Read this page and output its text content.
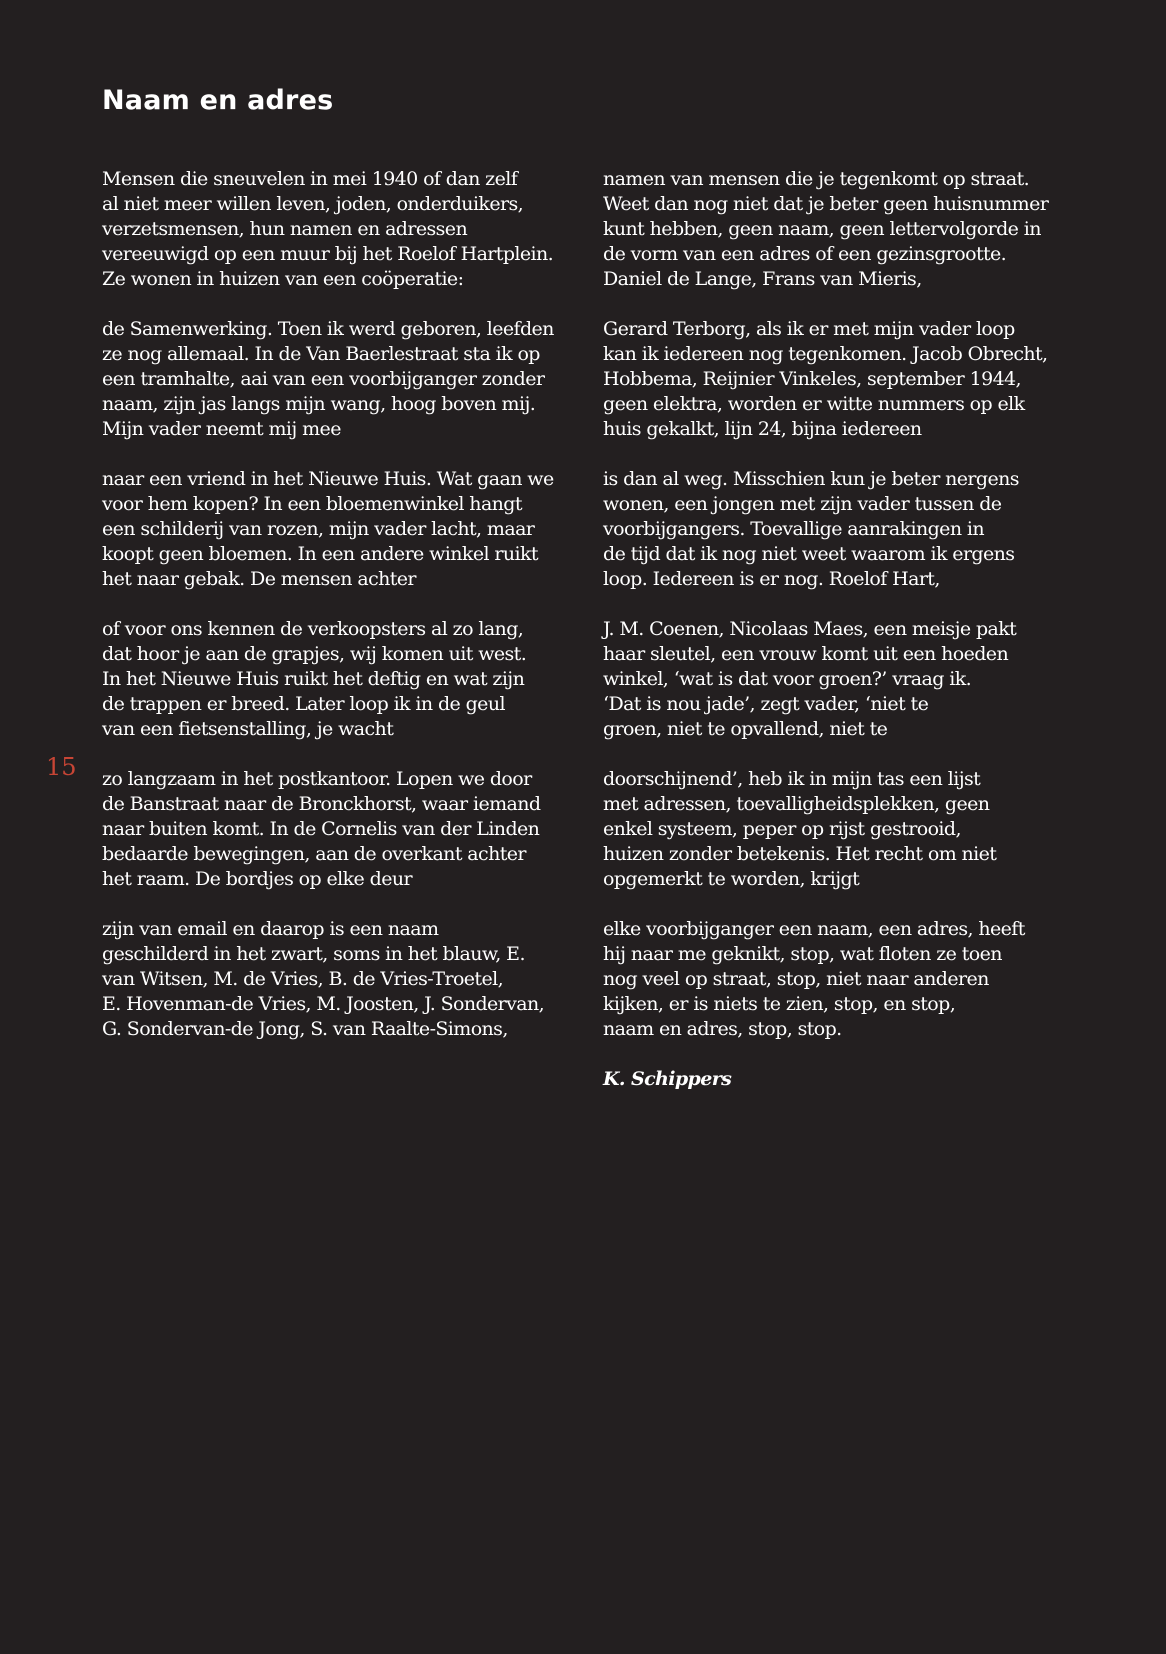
Naam en adres
15

Mensen die sneuvelen in mei 1940 of dan zelf
al niet meer willen leven, joden, onderduikers,
verzetsmensen, hun namen en adressen
vereeuwigd op een muur bij het Roelof Hartplein.
Ze wonen in huizen van een coöperatie:

de Samenwerking. Toen ik werd geboren, leefden
ze nog allemaal. In de Van Baerlestraat sta ik op
een tramhalte, aai van een voorbijganger zonder
naam, zijn jas langs mijn wang, hoog boven mij.
Mijn vader neemt mij mee

naar een vriend in het Nieuwe Huis. Wat gaan we
voor hem kopen? In een bloemenwinkel hangt
een schilderij van rozen, mijn vader lacht, maar
koopt geen bloemen. In een andere winkel ruikt
het naar gebak. De mensen achter

of voor ons kennen de verkoopsters al zo lang,
dat hoor je aan de grapjes, wij komen uit west.
In het Nieuwe Huis ruikt het deftig en wat zijn
de trappen er breed. Later loop ik in de geul
van een fietsenstalling, je wacht

zo langzaam in het postkantoor. Lopen we door
de Banstraat naar de Bronckhorst, waar iemand
naar buiten komt. In de Cornelis van der Linden
bedaarde bewegingen, aan de overkant achter
het raam. De bordjes op elke deur

zijn van email en daarop is een naam
geschilderd in het zwart, soms in het blauw, E.
van Witsen, M. de Vries, B. de Vries-Troetel,
E. Hovenman-de Vries, M. Joosten, J. Sondervan,
G. Sondervan-de Jong, S. van Raalte-Simons,

namen van mensen die je tegenkomt op straat.
Weet dan nog niet dat je beter geen huisnummer
kunt hebben, geen naam, geen lettervolgorde in
de vorm van een adres of een gezinsgrootte.
Daniel de Lange, Frans van Mieris,

Gerard Terborg, als ik er met mijn vader loop
kan ik iedereen nog tegenkomen. Jacob Obrecht,
Hobbema, Reijnier Vinkeles, september 1944,
geen elektra, worden er witte nummers op elk
huis gekalkt, lijn 24, bijna iedereen

is dan al weg. Misschien kun je beter nergens
wonen, een jongen met zijn vader tussen de
voorbijgangers. Toevallige aanrakingen in
de tijd dat ik nog niet weet waarom ik ergens
loop. Iedereen is er nog. Roelof Hart,

J. M. Coenen, Nicolaas Maes, een meisje pakt
haar sleutel, een vrouw komt uit een hoeden
winkel, ‘wat is dat voor groen?’ vraag ik.
‘Dat is nou jade’, zegt vader, ‘niet te
groen, niet te opvallend, niet te

doorschijnend’, heb ik in mijn tas een lijst
met adressen, toevalligheidsplekken, geen
enkel systeem, peper op rijst gestrooid,
huizen zonder betekenis. Het recht om niet
opgemerkt te worden, krijgt

elke voorbijganger een naam, een adres, heeft
hij naar me geknikt, stop, wat floten ze toen
nog veel op straat, stop, niet naar anderen
kijken, er is niets te zien, stop, en stop,
naam en adres, stop, stop.

K. Schippers
